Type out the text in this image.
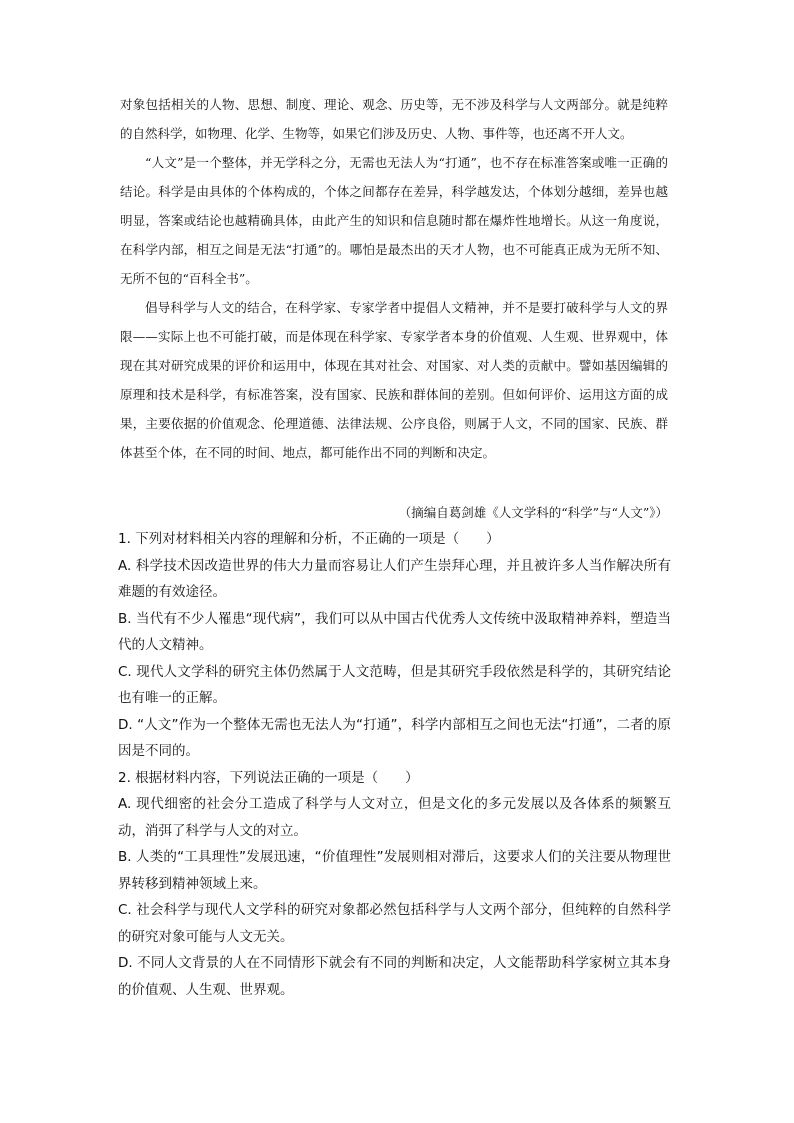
对象包括相关的人物、思想、制度、理论、观念、历史等，无不涉及科学与人文两部分。就是纯粹的自然科学，如物理、化学、生物等，如果它们涉及历史、人物、事件等，也还离不开人文。

“人文”是一个整体，并无学科之分，无需也无法人为“打通”，也不存在标准答案或唯一正确的结论。科学是由具体的个体构成的，个体之间都存在差异，科学越发达，个体划分越细，差异也越明显，答案或结论也越精确具体，由此产生的知识和信息随时都在爆炸性地增长。从这一角度说，在科学内部，相互之间是无法“打通”的。哪怕是最杰出的天才人物，也不可能真正成为无所不知、无所不包的“百科全书”。

倡导科学与人文的结合，在科学家、专家学者中提倡人文精神，并不是要打破科学与人文的界限——实际上也不可能打破，而是体现在科学家、专家学者本身的价值观、人生观、世界观中，体现在其对研究成果的评价和运用中，体现在其对社会、对国家、对人类的贡献中。譬如基因编辑的原理和技术是科学，有标准答案，没有国家、民族和群体间的差别。但如何评价、运用这方面的成果，主要依据的价值观念、伦理道德、法律法规、公序良俗，则属于人文，不同的国家、民族、群体甚至个体，在不同的时间、地点，都可能作出不同的判断和决定。

（摘编自葛剑雄《人文学科的“科学”与“人文”》）
1. 下列对材料相关内容的理解和分析，不正确的一项是（　　）
A. 科学技术因改造世界的伟大力量而容易让人们产生崇拜心理，并且被许多人当作解决所有难题的有效途径。
B. 当代有不少人罹患“现代病”，我们可以从中国古代优秀人文传统中汲取精神养料，塑造当代的人文精神。
C. 现代人文学科的研究主体仍然属于人文范畴，但是其研究手段依然是科学的，其研究结论也有唯一的正解。
D. “人文”作为一个整体无需也无法人为“打通”，科学内部相互之间也无法“打通”，二者的原因是不同的。
2. 根据材料内容，下列说法正确的一项是（　　）
A. 现代细密的社会分工造成了科学与人文对立，但是文化的多元发展以及各体系的频繁互动，消弭了科学与人文的对立。
B. 人类的“工具理性”发展迅速，“价值理性”发展则相对滞后，这要求人们的关注要从物理世界转移到精神领域上来。
C. 社会科学与现代人文学科的研究对象都必然包括科学与人文两个部分，但纯粹的自然科学的研究对象可能与人文无关。
D. 不同人文背景的人在不同情形下就会有不同的判断和决定，人文能帮助科学家树立其本身的价值观、人生观、世界观。
